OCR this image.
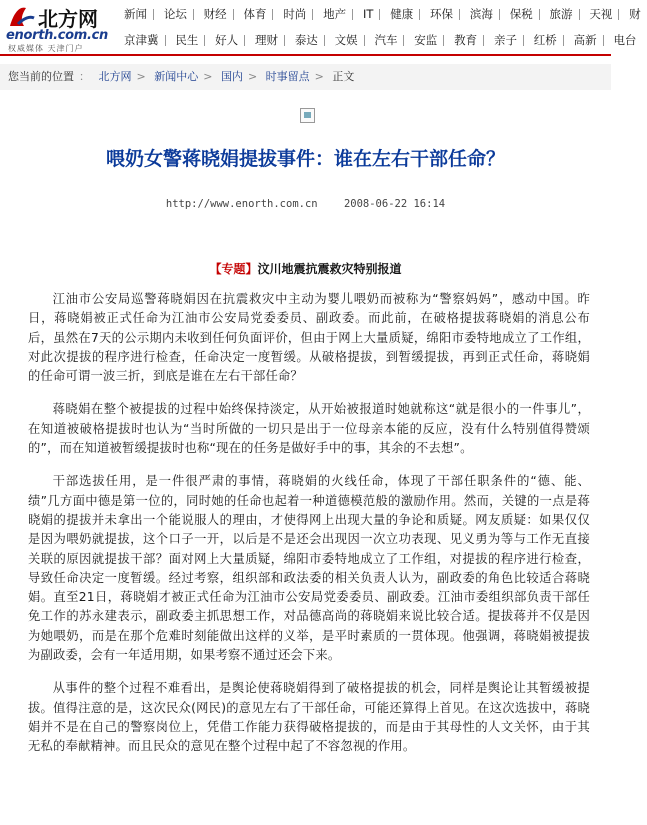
北方网
enorth.com.cn
权威媒体 天津门户
新闻 论坛 财经 体育 时尚 地产 IT 健康 环保 滨海 保税 旅游 天视 财
京津冀 民生 好人 理财 泰达 文娱 汽车 安监 教育 亲子 红桥 高新 电台
您当前的位置 ： 北方网 > 新闻中心 > 国内 > 时事留点 > 正文
喂奶女警蒋晓娟提拔事件：谁在左右干部任命？
http://www.enorth.com.cn	2008-06-22 16:14
【专题】汶川地震抗震救灾特别报道

江油市公安局巡警蒋晓娟因在抗震救灾中主动为婴儿喂奶而被称为“警察妈妈”，感动中国。昨日，蒋晓娟被正式任命为江油市公安局党委委员、副政委。而此前，在破格提拔蒋晓娟的消息公布后，虽然在7天的公示期内未收到任何负面评价，但由于网上大量质疑，绵阳市委特地成立了工作组，对此次提拔的程序进行检查，任命决定一度暂缓。从破格提拔，到暂缓提拔，再到正式任命，蒋晓娟的任命可谓一波三折，到底是谁在左右干部任命？

蒋晓娟在整个被提拔的过程中始终保持淡定，从开始被报道时她就称这“就是很小的一件事儿”，在知道被破格提拔时也认为“当时所做的一切只是出于一位母亲本能的反应，没有什么特别值得赞颂的”，而在知道被暂缓提拔时也称“现在的任务是做好手中的事，其余的不去想”。

干部选拔任用，是一件很严肃的事情，蒋晓娟的火线任命，体现了干部任职条件的“德、能、绩”几方面中德是第一位的，同时她的任命也起着一种道德模范般的激励作用。然而，关键的一点是蒋晓娟的提拔并未拿出一个能说服人的理由，才使得网上出现大量的争论和质疑。网友质疑：如果仅仅是因为喂奶就提拔，这个口子一开，以后是不是还会出现因一次立功表现、见义勇为等与工作无直接关联的原因就提拔干部？面对网上大量质疑，绵阳市委特地成立了工作组，对提拔的程序进行检查，导致任命决定一度暂缓。经过考察，组织部和政法委的相关负责人认为，副政委的角色比较适合蒋晓娟。直至21日，蒋晓娟才被正式任命为江油市公安局党委委员、副政委。江油市委组织部负责干部任免工作的苏永建表示，副政委主抓思想工作，对品德高尚的蒋晓娟来说比较合适。提拔蒋并不仅是因为她喂奶，而是在那个危难时刻能做出这样的义举，是平时素质的一贯体现。他强调，蒋晓娟被提拔为副政委，会有一年适用期，如果考察不通过还会下来。

从事件的整个过程不难看出，是舆论使蒋晓娟得到了破格提拔的机会，同样是舆论让其暂缓被提拔。值得注意的是，这次民众(网民)的意见左右了干部任命，可能还算得上首见。在这次选拔中，蒋晓娟并不是在自己的警察岗位上，凭借工作能力获得破格提拔的，而是由于其母性的人文关怀，由于其无私的奉献精神。而且民众的意见在整个过程中起了不容忽视的作用。
